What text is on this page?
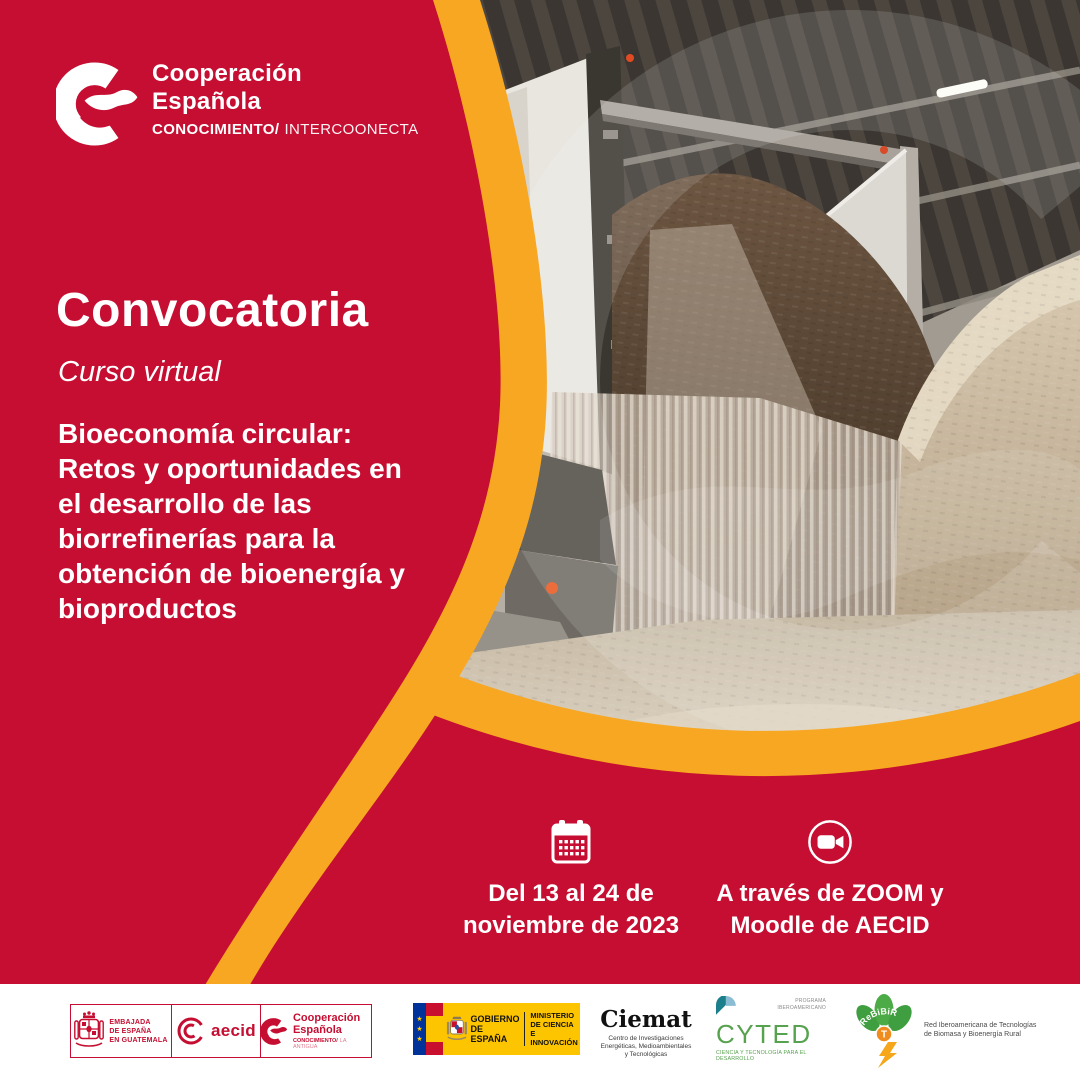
Cooperación
Española
CONOCIMIENTO/ INTERCOONECTA
Convocatoria
Curso virtual
Bioeconomía circular: Retos y oportunidades en el desarrollo de las biorrefinerías para la obtención de bioenergía y bioproductos
Del 13 al 24 de
noviembre de 2023
A través de ZOOM y
Moodle de AECID
EMBAJADA
DE ESPAÑA
EN GUATEMALA	aecid
Cooperación
Española
CONOCIMIENTO/ LA ANTIGUA
★
★
★
GOBIERNO
DE ESPAÑA
MINISTERIO
DE CIENCIA
E INNOVACIÓN
Ciemat
Centro de Investigaciones
Energéticas, Medioambientales
y Tecnológicas
PROGRAMA
IBEROAMERICANO
CYTED
CIENCIA Y TECNOLOGÍA PARA EL DESARROLLO
ReBiBiR
T
Red Iberoamericana de Tecnologías
de Biomasa y Bioenergía Rural
